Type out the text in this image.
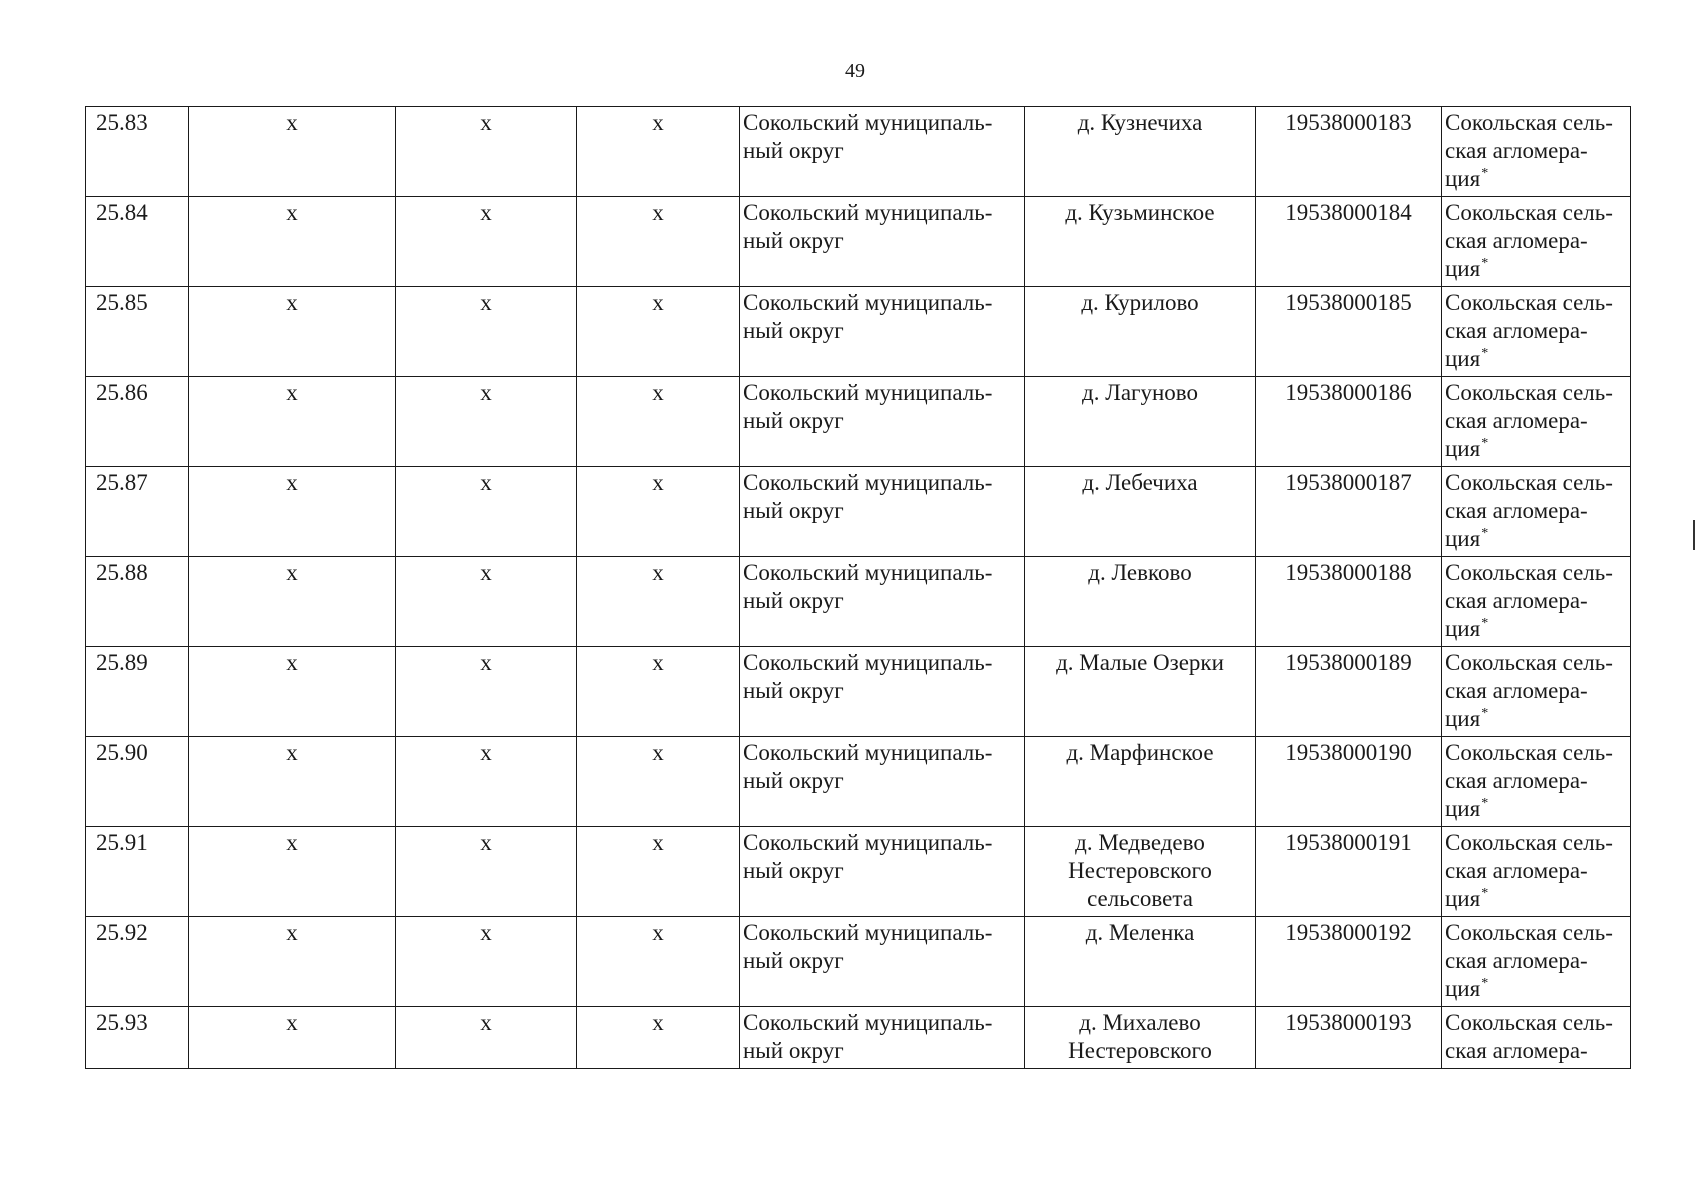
49
25.83	х	х	х	Сокольский муниципаль-
ный округ	д. Кузнечиха	19538000183	Сокольская сель-
ская агломера-
ция*
25.84	х	х	х	Сокольский муниципаль-
ный округ	д. Кузьминское	19538000184	Сокольская сель-
ская агломера-
ция*
25.85	х	х	х	Сокольский муниципаль-
ный округ	д. Курилово	19538000185	Сокольская сель-
ская агломера-
ция*
25.86	х	х	х	Сокольский муниципаль-
ный округ	д. Лагуново	19538000186	Сокольская сель-
ская агломера-
ция*
25.87	х	х	х	Сокольский муниципаль-
ный округ	д. Лебечиха	19538000187	Сокольская сель-
ская агломера-
ция*
25.88	х	х	х	Сокольский муниципаль-
ный округ	д. Левково	19538000188	Сокольская сель-
ская агломера-
ция*
25.89	х	х	х	Сокольский муниципаль-
ный округ	д. Малые Озерки	19538000189	Сокольская сель-
ская агломера-
ция*
25.90	х	х	х	Сокольский муниципаль-
ный округ	д. Марфинское	19538000190	Сокольская сель-
ская агломера-
ция*
25.91	х	х	х	Сокольский муниципаль-
ный округ	д. Медведево
Нестеровского
сельсовета	19538000191	Сокольская сель-
ская агломера-
ция*
25.92	х	х	х	Сокольский муниципаль-
ный округ	д. Меленка	19538000192	Сокольская сель-
ская агломера-
ция*
25.93	х	х	х	Сокольский муниципаль-
ный округ	д. Михалево
Нестеровского	19538000193	Сокольская сель-
ская агломера-
